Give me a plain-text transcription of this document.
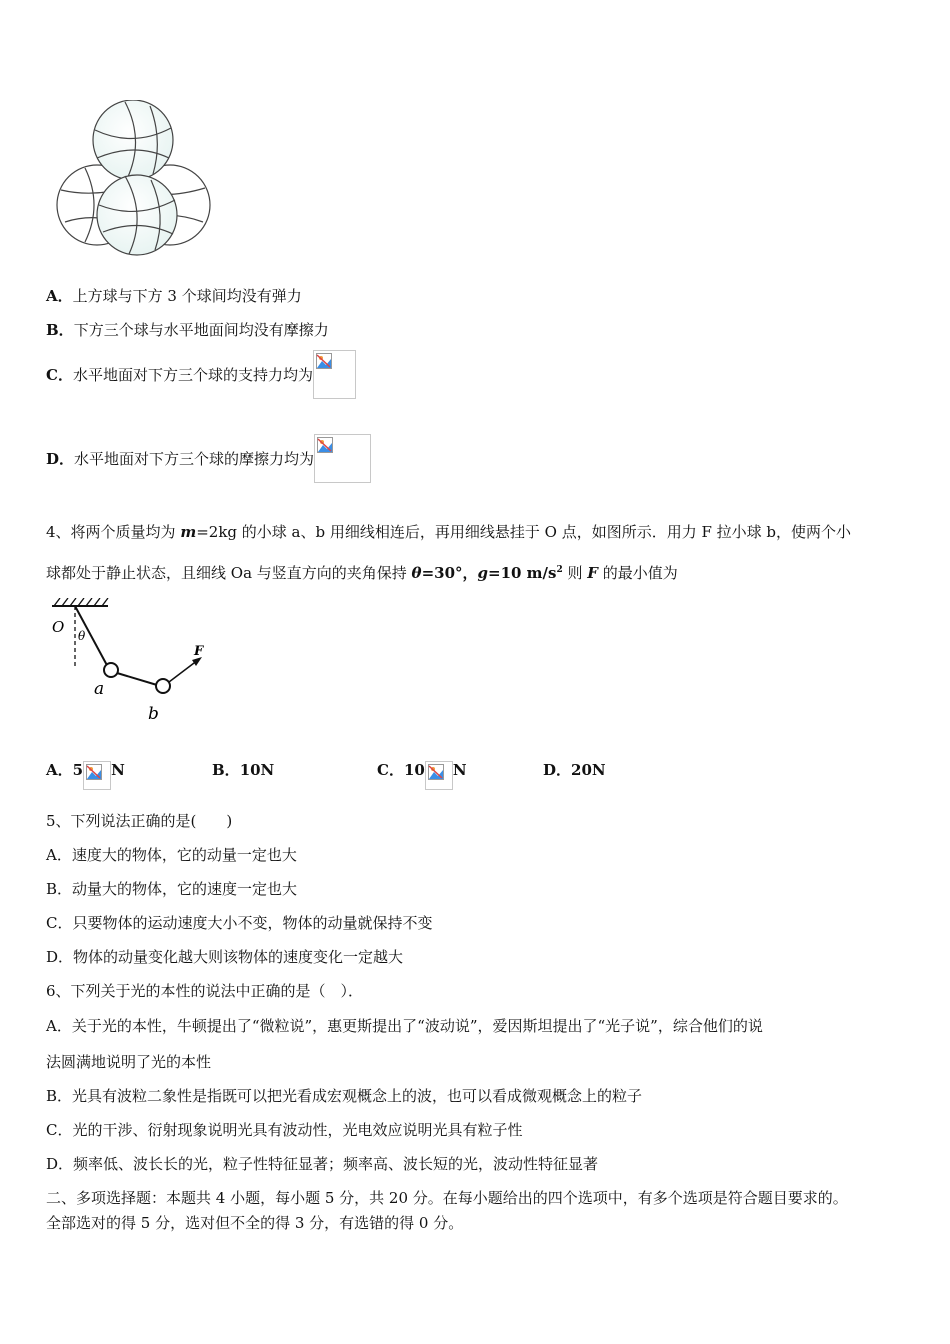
A．上方球与下方 3 个球间均没有弹力
B．下方三个球与水平地面间均没有摩擦力
C．水平地面对下方三个球的支持力均为
D．水平地面对下方三个球的摩擦力均为
4、将两个质量均为 m=2kg 的小球 a、b 用细线相连后，再用细线悬挂于 O 点，如图所示．用力 F 拉小球 b，使两个小
球都处于静止状态，且细线 Oa 与竖直方向的夹角保持 θ=30°，g=10 $m/s^2$ 则 F 的最小值为
O θ
a
b
F
A．5 N	B．10N	C．10 N	D．20N
5、下列说法正确的是(　　)
A．速度大的物体，它的动量一定也大
B．动量大的物体，它的速度一定也大
C．只要物体的运动速度大小不变，物体的动量就保持不变
D．物体的动量变化越大则该物体的速度变化一定越大
6、下列关于光的本性的说法中正确的是（　）．
A．关于光的本性，牛顿提出了“微粒说”，惠更斯提出了“波动说”，爱因斯坦提出了“光子说”，综合他们的说
法圆满地说明了光的本性
B．光具有波粒二象性是指既可以把光看成宏观概念上的波，也可以看成微观概念上的粒子
C．光的干涉、衍射现象说明光具有波动性，光电效应说明光具有粒子性
D．频率低、波长长的光，粒子性特征显著；频率高、波长短的光，波动性特征显著
二、多项选择题：本题共 4 小题，每小题 5 分，共 20 分。在每小题给出的四个选项中，有多个选项是符合题目要求的。
全部选对的得 5 分，选对但不全的得 3 分，有选错的得 0 分。
